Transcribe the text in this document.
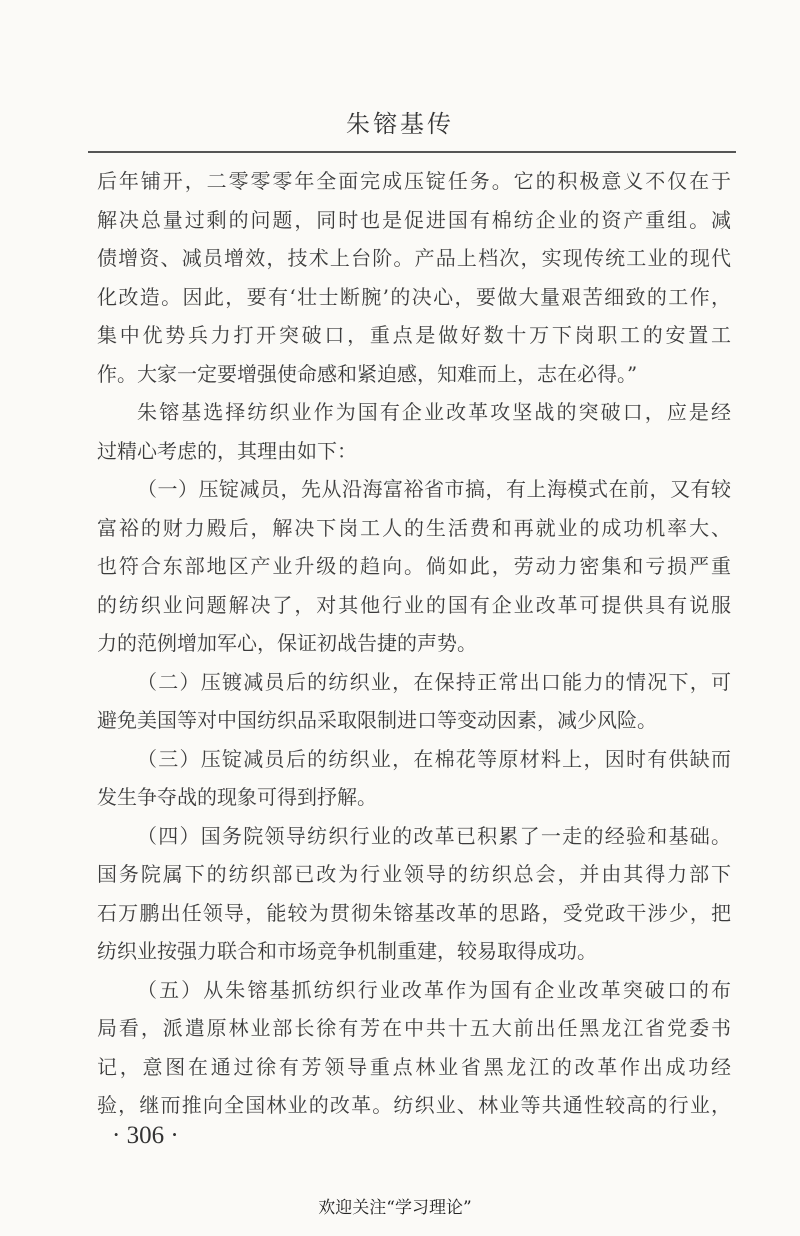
朱镕基传
后年铺开，二零零零年全面完成压锭任务。它的积极意义不仅在于
解决总量过剩的问题，同时也是促进国有棉纺企业的资产重组。减
债增资、减员增效，技术上台阶。产品上档次，实现传统工业的现代
化改造。因此，要有‘壮士断腕’的决心，要做大量艰苦细致的工作，
集中优势兵力打开突破口，重点是做好数十万下岗职工的安置工
作。大家一定要增强使命感和紧迫感，知难而上，志在必得。”
朱镕基选择纺织业作为国有企业改革攻坚战的突破口，应是经
过精心考虑的，其理由如下：
（一）压锭减员，先从沿海富裕省市搞，有上海模式在前，又有较
富裕的财力殿后，解决下岗工人的生活费和再就业的成功机率大、
也符合东部地区产业升级的趋向。倘如此，劳动力密集和亏损严重
的纺织业问题解决了，对其他行业的国有企业改革可提供具有说服
力的范例增加军心，保证初战告捷的声势。
（二）压镀减员后的纺织业，在保持正常出口能力的情况下，可
避免美国等对中国纺织品采取限制进口等变动因素，减少风险。
（三）压锭减员后的纺织业，在棉花等原材料上，因时有供缺而
发生争夺战的现象可得到抒解。
（四）国务院领导纺织行业的改革已积累了一走的经验和基础。
国务院属下的纺织部已改为行业领导的纺织总会，并由其得力部下
石万鹏出任领导，能较为贯彻朱镕基改革的思路，受党政干涉少，把
纺织业按强力联合和市场竞争机制重建，较易取得成功。
（五）从朱镕基抓纺织行业改革作为国有企业改革突破口的布
局看，派遣原林业部长徐有芳在中共十五大前出任黑龙江省党委书
记，意图在通过徐有芳领导重点林业省黑龙江的改革作出成功经
验，继而推向全国林业的改革。纺织业、林业等共通性较高的行业，
· 306 ·
欢迎关注“学习理论”
